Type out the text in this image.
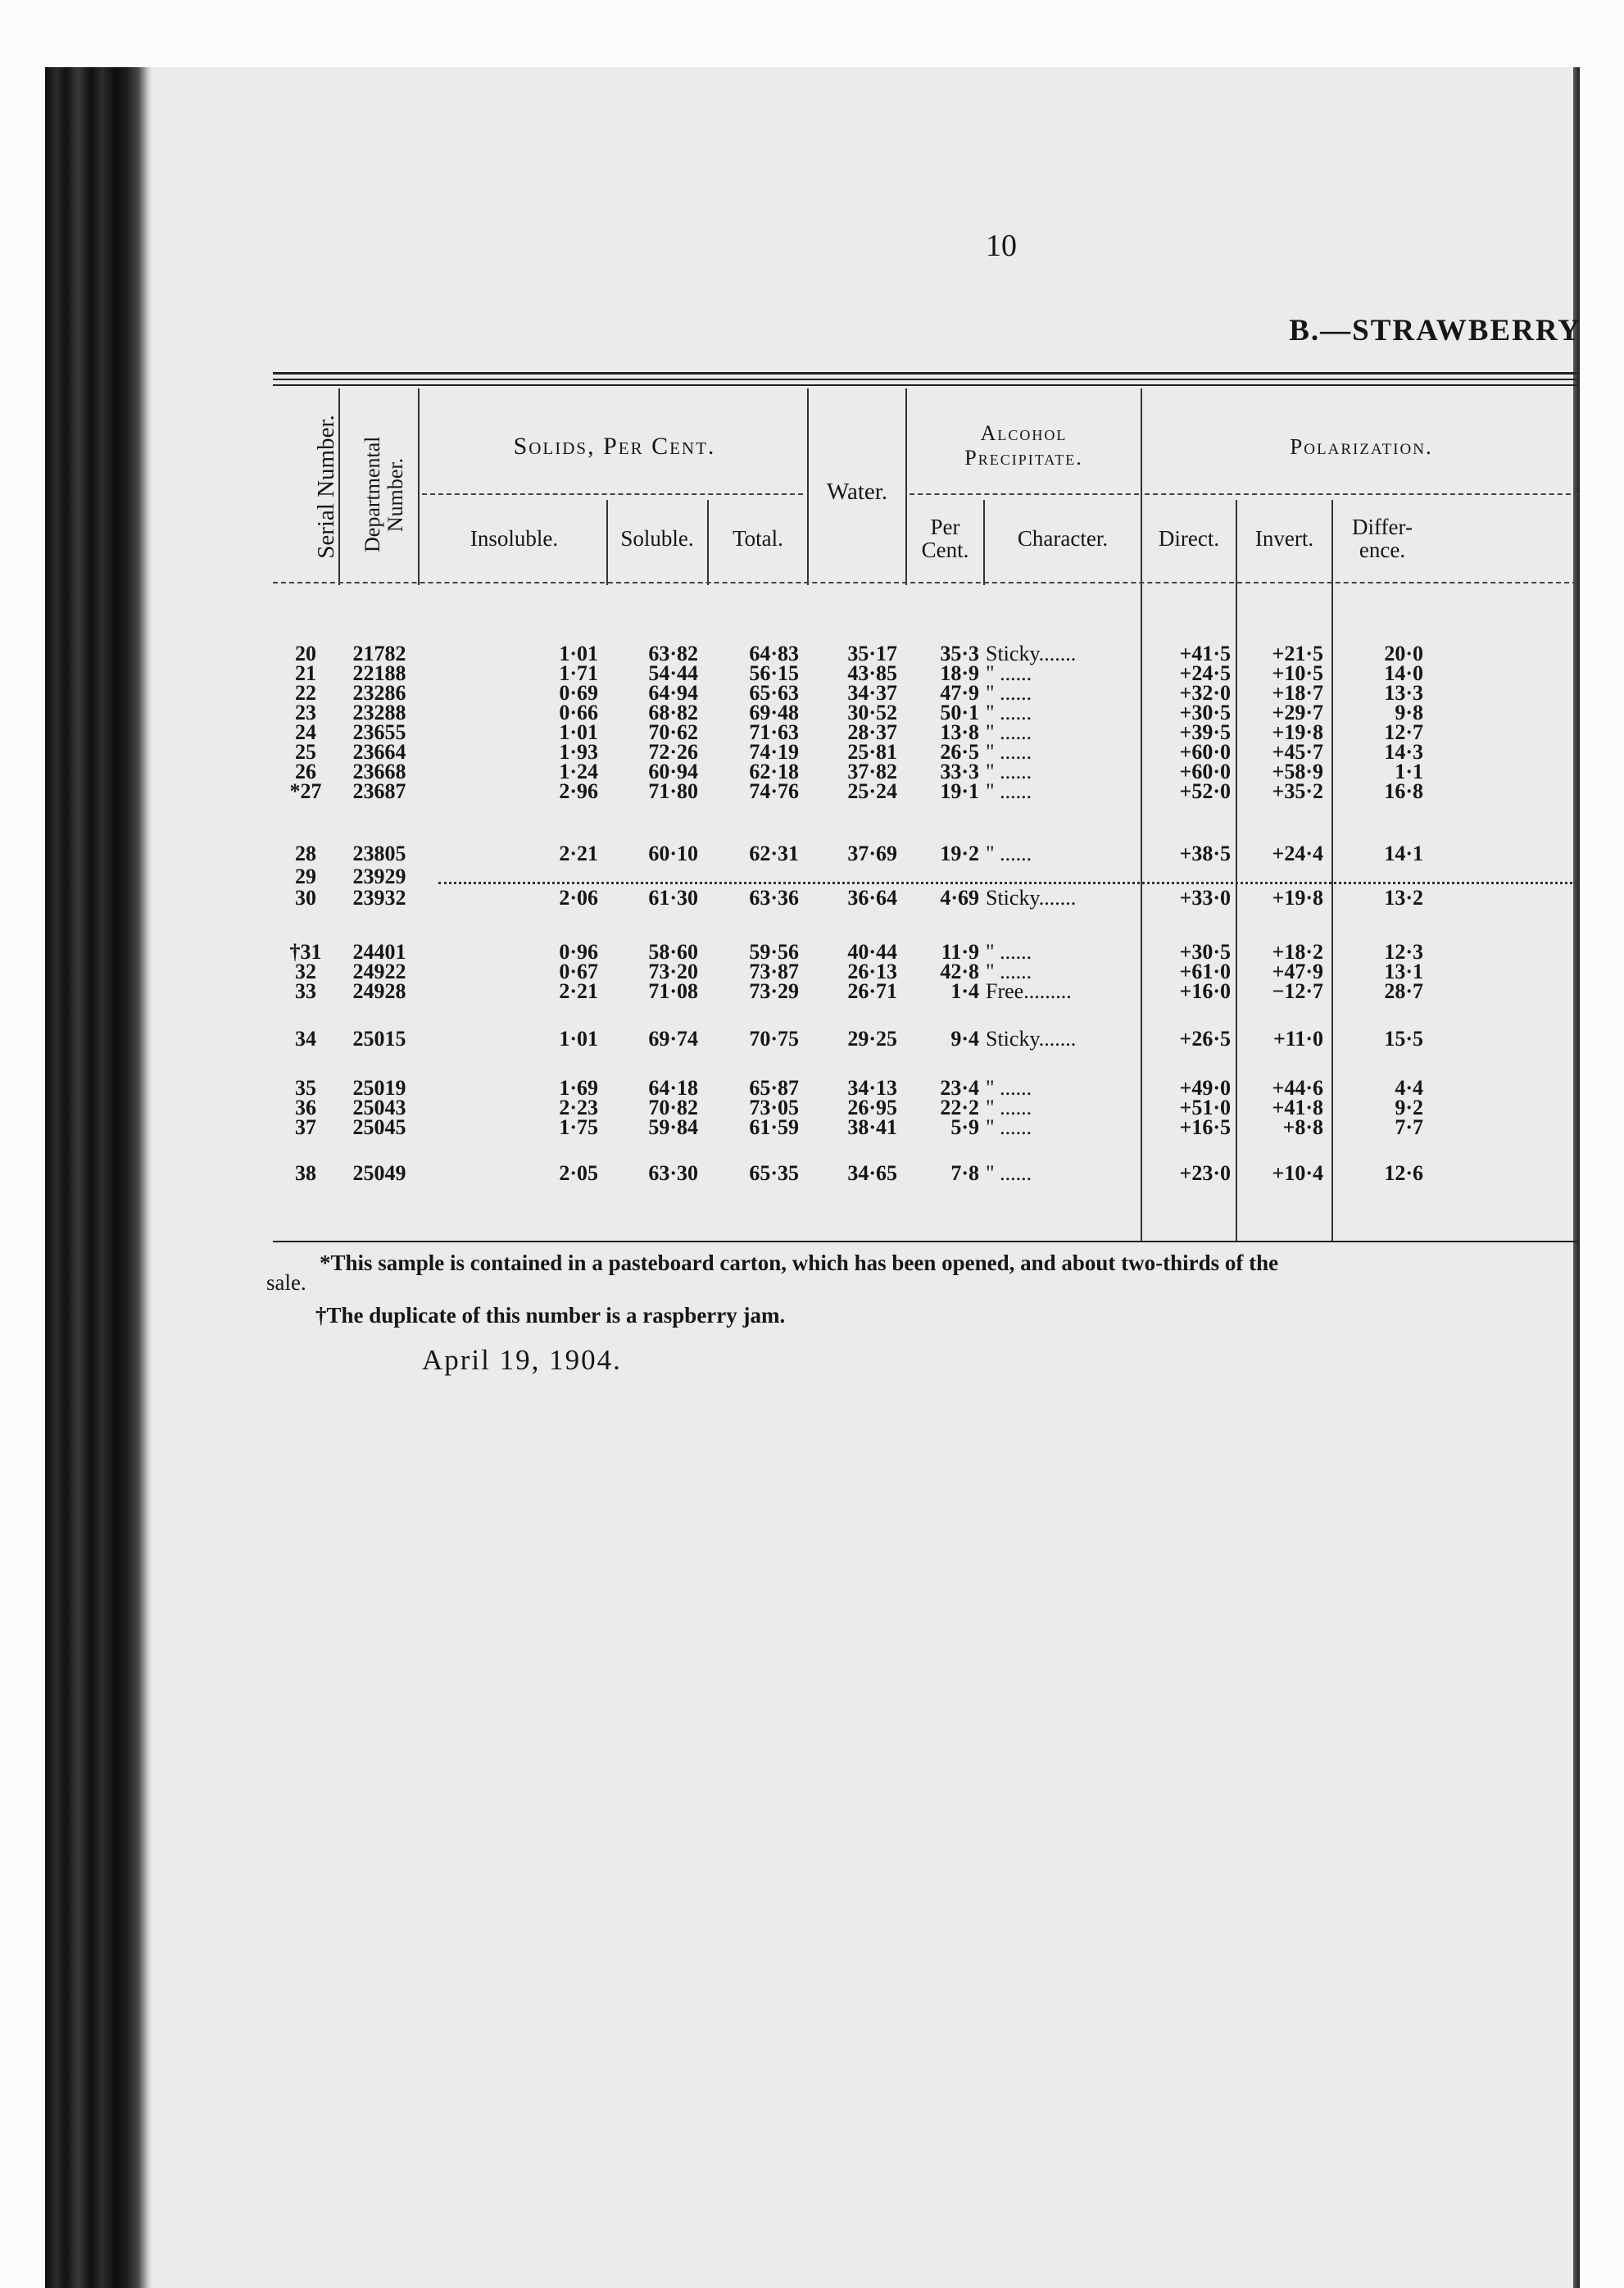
10
B.—STRAWBERRY
Serial Number. Departmental Number.
Solids, Per Cent.
Insoluble.	Soluble.	Total.
Water.
Alcohol
Precipitate.
Per
Cent.	Character.
Polarization.
Direct.	Invert.	Differ-
ence.
20	21782	1·01	63·82	64·83	35·17	35·3 Sticky.......	+41·5	+21·5	20·0
21	22188	1·71	54·44	56·15	43·85	18·9 " ......	+24·5	+10·5	14·0
22	23286	0·69	64·94	65·63	34·37	47·9 " ......	+32·0	+18·7	13·3
23	23288	0·66	68·82	69·48	30·52	50·1 " ......	+30·5	+29·7	9·8
24	23655	1·01	70·62	71·63	28·37	13·8 " ......	+39·5	+19·8	12·7
25	23664	1·93	72·26	74·19	25·81	26·5 " ......	+60·0	+45·7	14·3
26	23668	1·24	60·94	62·18	37·82	33·3 " ......	+60·0	+58·9	1·1
*27	23687	2·96	71·80	74·76	25·24	19·1 " ......	+52·0	+35·2	16·8
28	23805	2·21	60·10	62·31	37·69	19·2 " ......	+38·5	+24·4	14·1
29	23929
30	23932	2·06	61·30	63·36	36·64	4·69 Sticky.......	+33·0	+19·8	13·2
†31	24401	0·96	58·60	59·56	40·44	11·9 " ......	+30·5	+18·2	12·3
32	24922	0·67	73·20	73·87	26·13	42·8 " ......	+61·0	+47·9	13·1
33	24928	2·21	71·08	73·29	26·71	1·4 Free.........	+16·0	−12·7	28·7
34	25015	1·01	69·74	70·75	29·25	9·4 Sticky.......	+26·5	+11·0	15·5
35	25019	1·69	64·18	65·87	34·13	23·4 " ......	+49·0	+44·6	4·4
36	25043	2·23	70·82	73·05	26·95	22·2 " ......	+51·0	+41·8	9·2
37	25045	1·75	59·84	61·59	38·41	5·9 " ......	+16·5	+8·8	7·7
38	25049	2·05	63·30	65·35	34·65	7·8 " ......	+23·0	+10·4	12·6
*This sample is contained in a pasteboard carton, which has been opened, and about two-thirds of the
sale.
†The duplicate of this number is a raspberry jam.
April 19, 1904.
